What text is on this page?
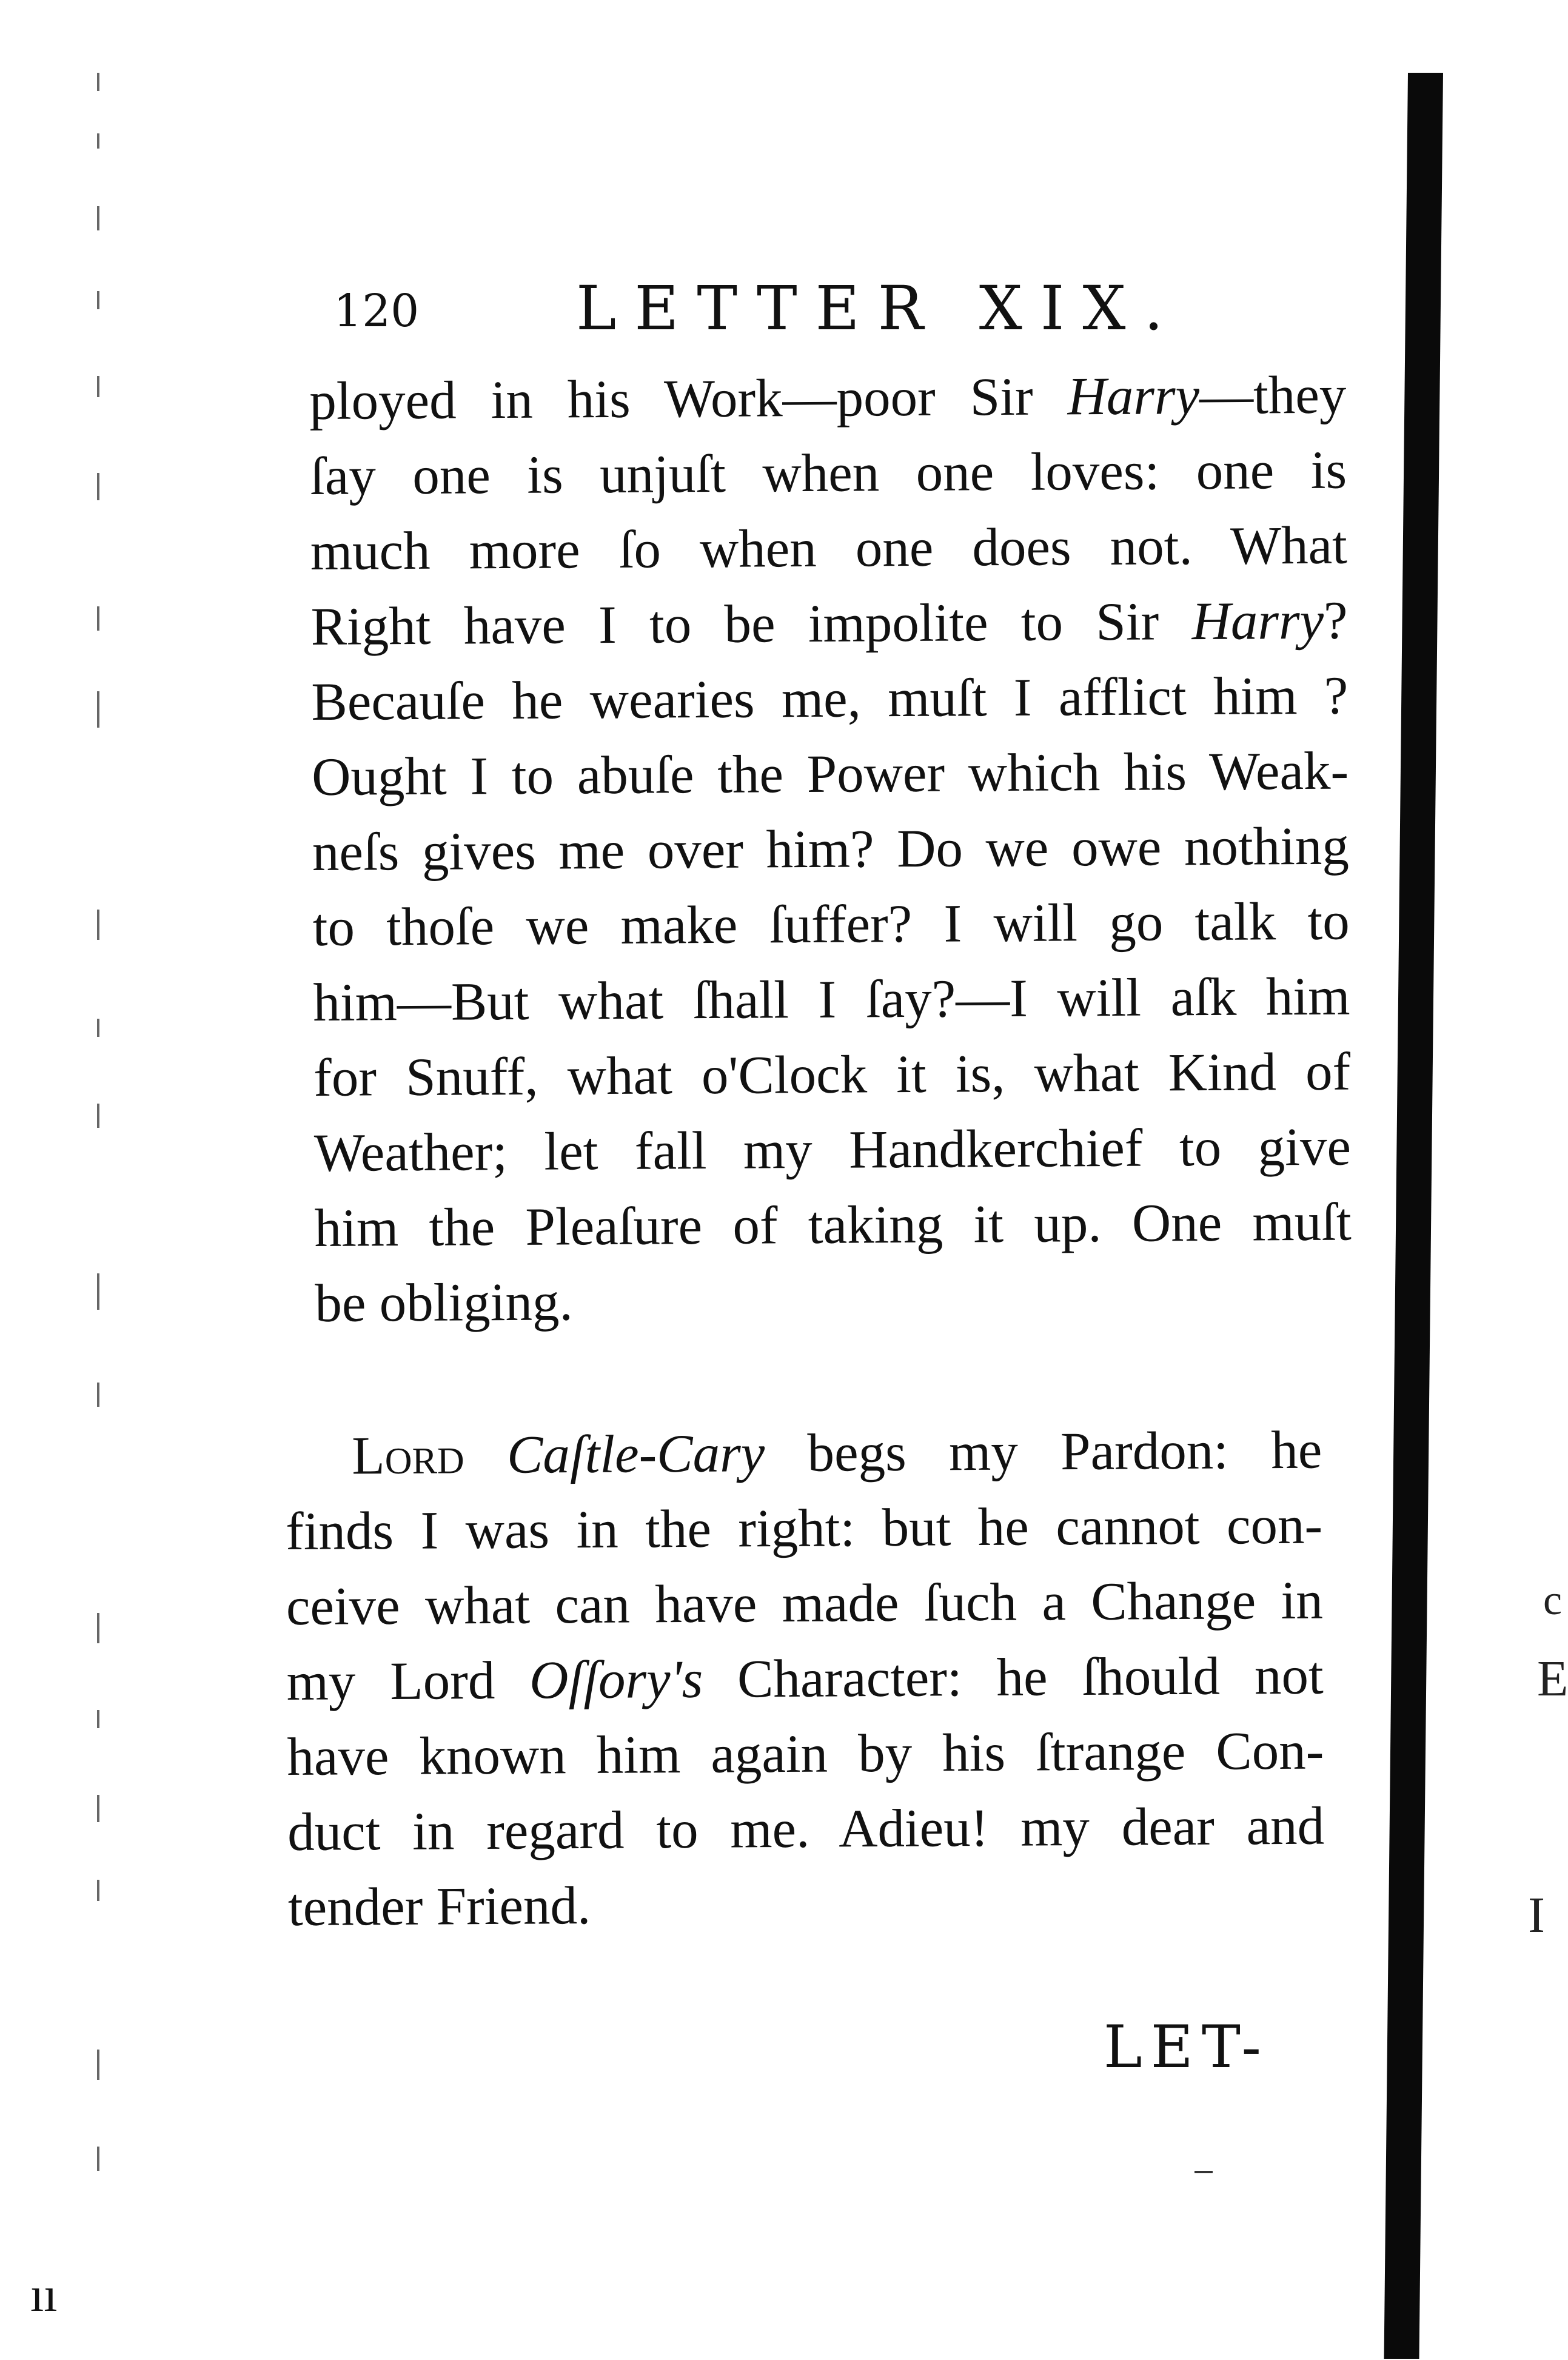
120	LETTER XIX.
ployed in his Work—poor Sir Harry—they
ſay one is unjuſt when one loves: one is
much more ſo when one does not. What
Right have I to be impolite to Sir Harry?
Becauſe he wearies me, muſt I afflict him ?
Ought I to abuſe the Power which his Weak-
neſs gives me over him? Do we owe nothing
to thoſe we make ſuffer? I will go talk to
him—But what ſhall I ſay?—I will aſk him
for Snuff, what o'Clock it is, what Kind of
Weather; let fall my Handkerchief to give
him the Pleaſure of taking it up. One muſt
be obliging.
Lord Caſtle-Cary begs my Pardon: he
finds I was in the right: but he cannot con-
ceive what can have made ſuch a Change in
my Lord Oſſory's Character: he ſhould not
have known him again by his ſtrange Con-
duct in regard to me. Adieu! my dear and
tender Friend.
LET-
c
E
I
ıı
